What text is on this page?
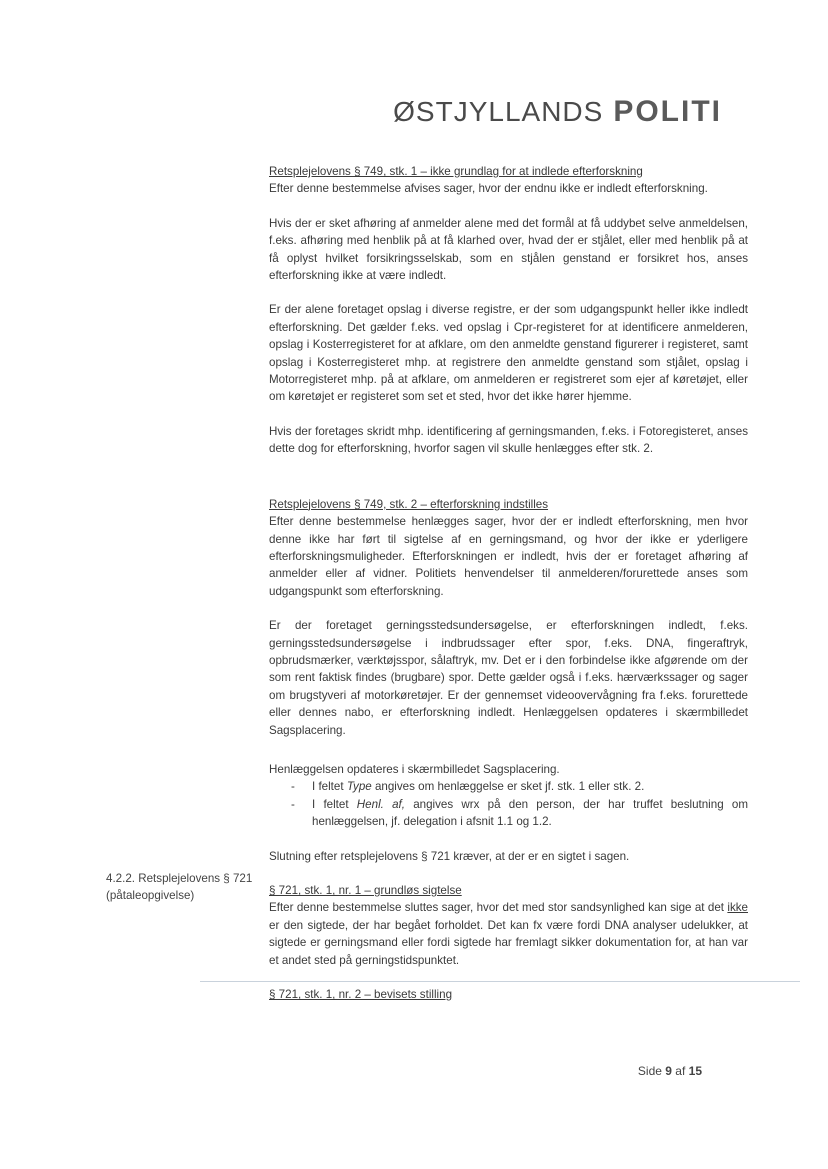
ØSTJYLLANDS POLITI

Retsplejelovens § 749, stk. 1 – ikke grundlag for at indlede efterforskning

Efter denne bestemmelse afvises sager, hvor der endnu ikke er indledt efterforskning.

Hvis der er sket afhøring af anmelder alene med det formål at få uddybet selve anmeldelsen, f.eks. afhøring med henblik på at få klarhed over, hvad der er stjålet, eller med henblik på at få oplyst hvilket forsikringsselskab, som en stjålen genstand er forsikret hos, anses efterforskning ikke at være indledt.

Er der alene foretaget opslag i diverse registre, er der som udgangspunkt heller ikke indledt efterforskning. Det gælder f.eks. ved opslag i Cpr-registeret for at identificere anmelderen, opslag i Kosterregisteret for at afklare, om den anmeldte genstand figurerer i registeret, samt opslag i Kosterregisteret mhp. at registrere den anmeldte genstand som stjålet, opslag i Motorregisteret mhp. på at afklare, om anmelderen er registreret som ejer af køretøjet, eller om køretøjet er registeret som set et sted, hvor det ikke hører hjemme.

Hvis der foretages skridt mhp. identificering af gerningsmanden, f.eks. i Fotoregisteret, anses dette dog for efterforskning, hvorfor sagen vil skulle henlægges efter stk. 2.

Retsplejelovens § 749, stk. 2 – efterforskning indstilles

Efter denne bestemmelse henlægges sager, hvor der er indledt efterforskning, men hvor denne ikke har ført til sigtelse af en gerningsmand, og hvor der ikke er yderligere efterforskningsmuligheder. Efterforskningen er indledt, hvis der er foretaget afhøring af anmelder eller af vidner. Politiets henvendelser til anmelderen/forurettede anses som udgangspunkt som efterforskning.

Er der foretaget gerningsstedsundersøgelse, er efterforskningen indledt, f.eks. gerningsstedsundersøgelse i indbrudssager efter spor, f.eks. DNA, fingeraftryk, opbrudsmærker, værktøjsspor, sålaftryk, mv. Det er i den forbindelse ikke afgørende om der som rent faktisk findes (brugbare) spor. Dette gælder også i f.eks. hærværkssager og sager om brugstyveri af motorkøretøjer. Er der gennemset videoovervågning fra f.eks. forurettede eller dennes nabo, er efterforskning indledt. Henlæggelsen opdateres i skærmbilledet Sagsplacering.

Henlæggelsen opdateres i skærmbilledet Sagsplacering.

- I feltet Type angives om henlæggelse er sket jf. stk. 1 eller stk. 2.
- I feltet Henl. af, angives wrx på den person, der har truffet beslutning om henlæggelsen, jf. delegation i afsnit 1.1 og 1.2.

Slutning efter retsplejelovens § 721 kræver, at der er en sigtet i sagen.

§ 721, stk. 1, nr. 1 – grundløs sigtelse

Efter denne bestemmelse sluttes sager, hvor det med stor sandsynlighed kan sige at det ikke er den sigtede, der har begået forholdet. Det kan fx være fordi DNA analyser udelukker, at sigtede er gerningsmand eller fordi sigtede har fremlagt sikker dokumentation for, at han var et andet sted på gerningstidspunktet.

§ 721, stk. 1, nr. 2 – bevisets stilling

4.2.2. Retsplejelovens § 721 (påtaleopgivelse)
Side 9 af 15
